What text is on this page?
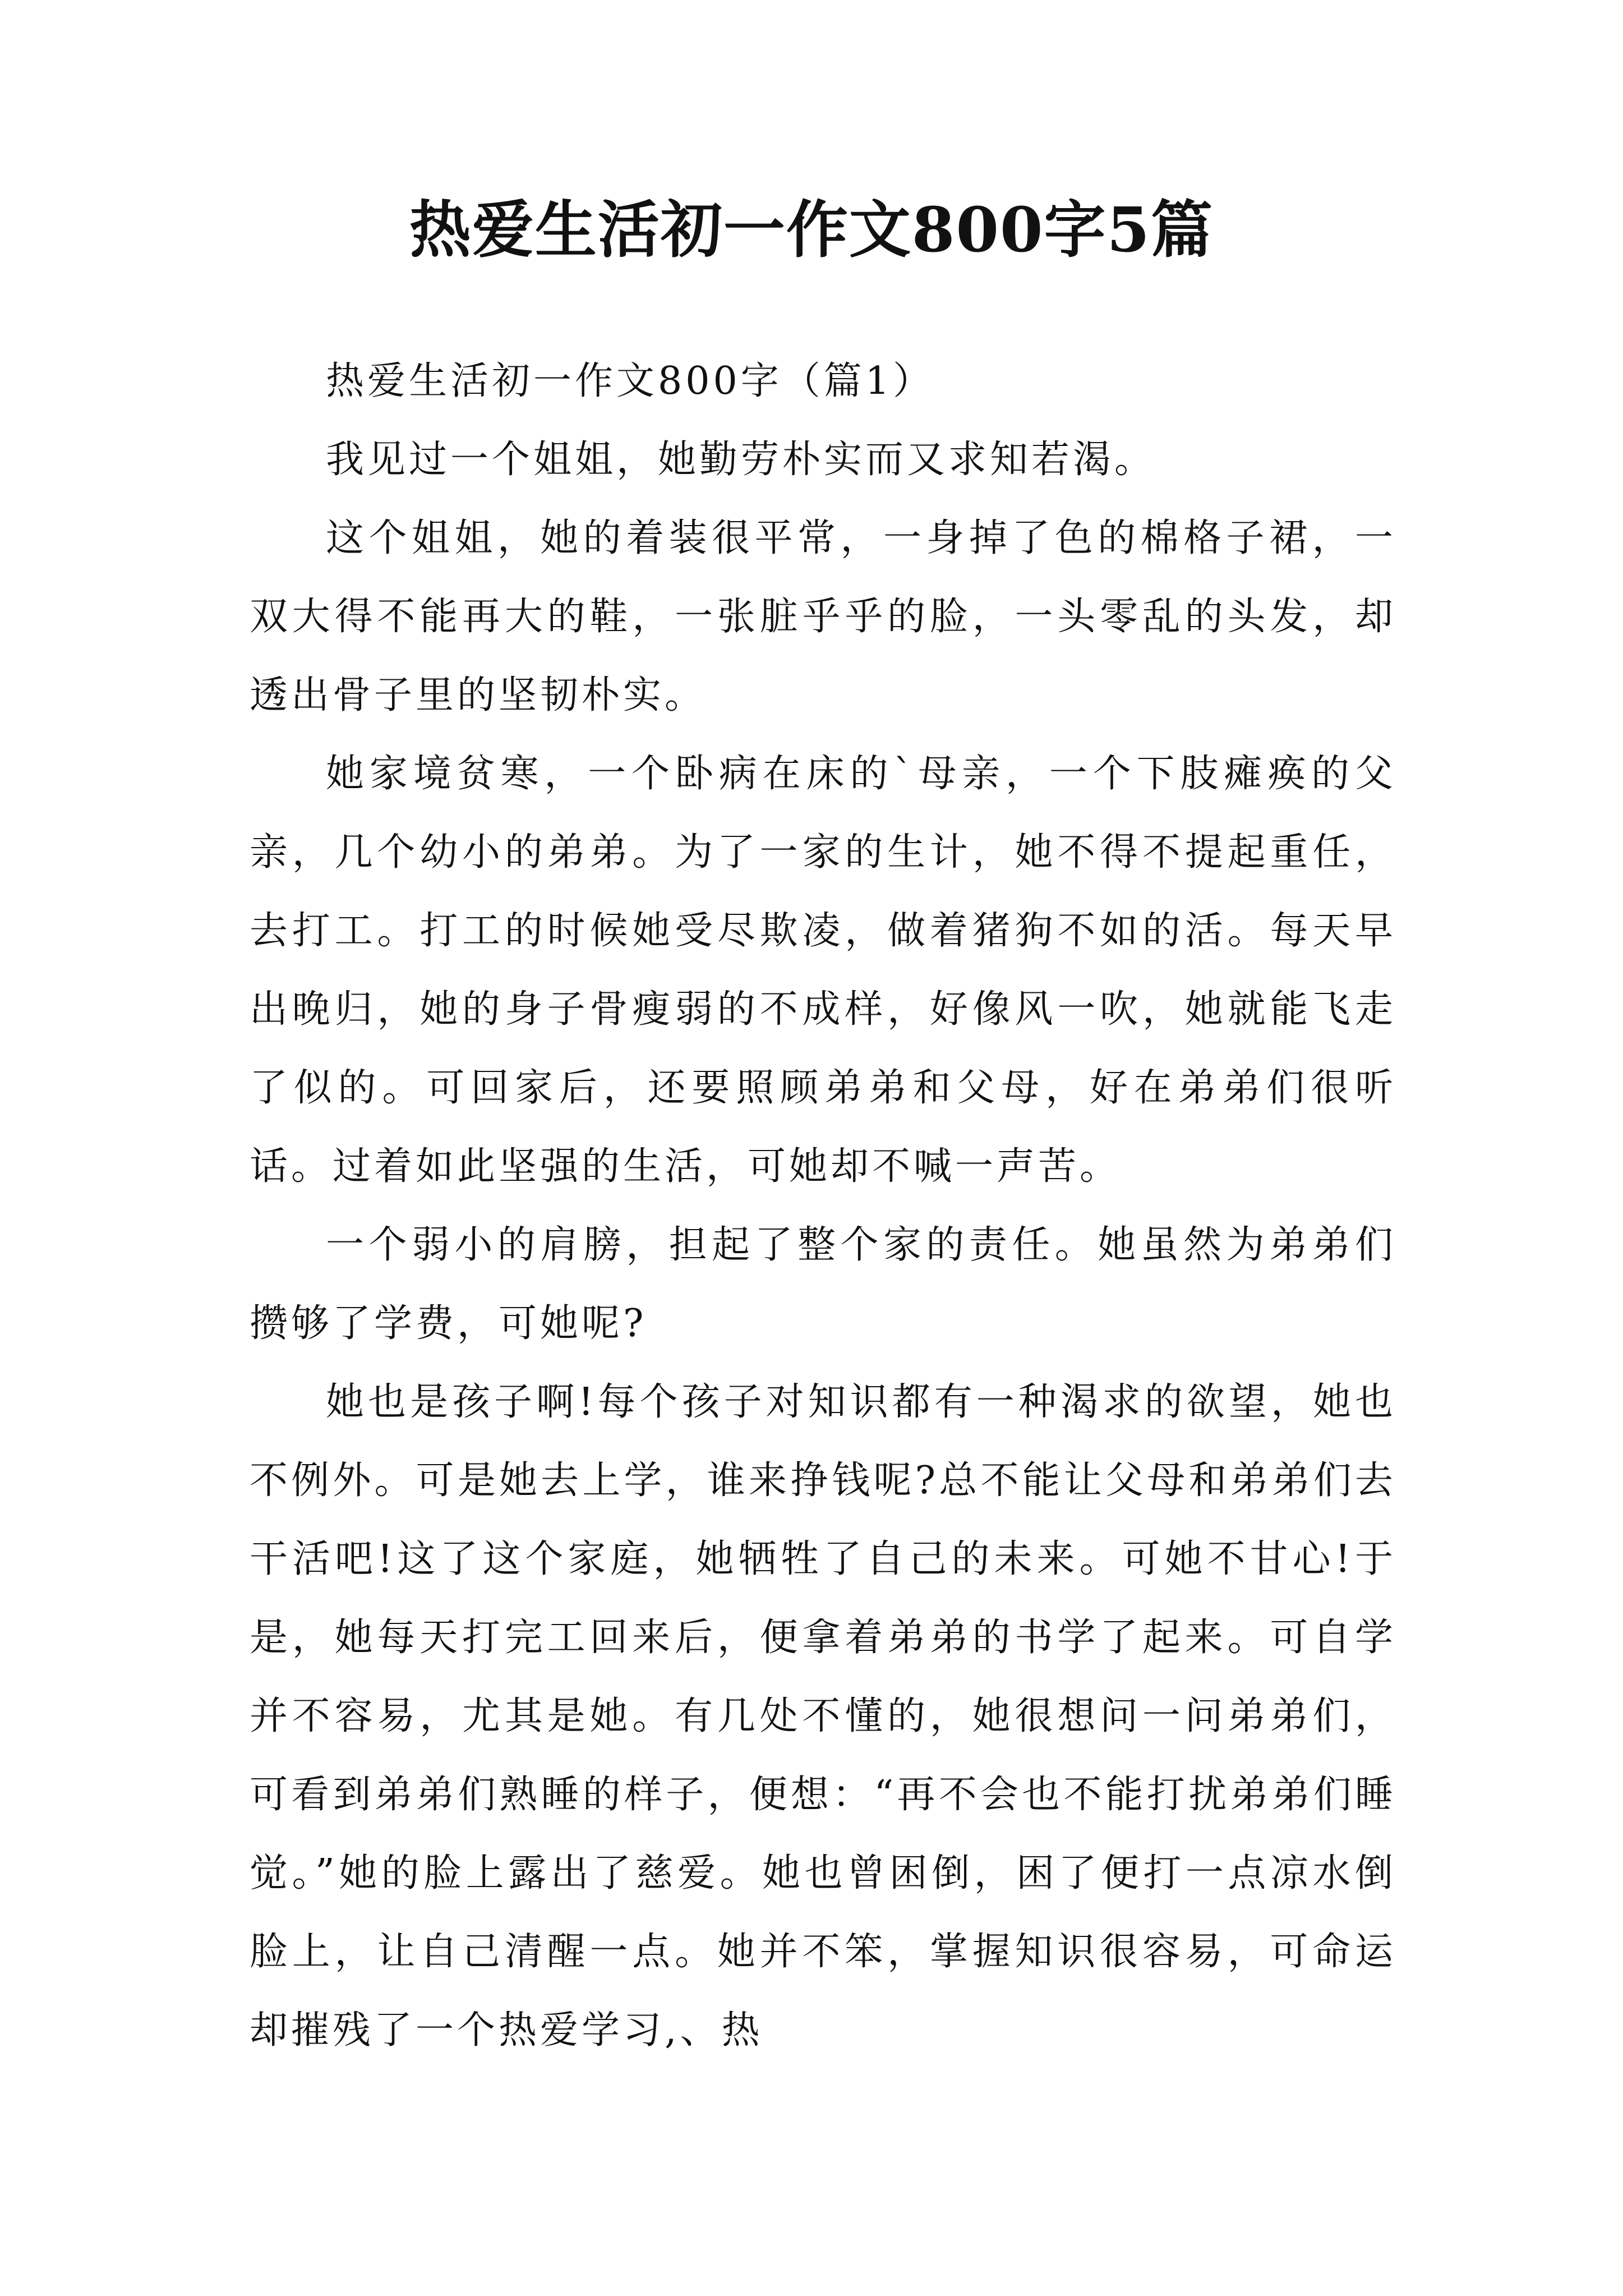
热爱生活初一作文800字5篇

热爱生活初一作文800字（篇1）

我见过一个姐姐，她勤劳朴实而又求知若渴。

这个姐姐，她的着装很平常，一身掉了色的棉格子裙，一双大得不能再大的鞋，一张脏乎乎的脸，一头零乱的头发，却透出骨子里的坚韧朴实。

她家境贫寒，一个卧病在床的`母亲，一个下肢瘫痪的父亲，几个幼小的弟弟。为了一家的生计，她不得不提起重任，去打工。打工的时候她受尽欺凌，做着猪狗不如的活。每天早出晚归，她的身子骨瘦弱的不成样，好像风一吹，她就能飞走了似的。可回家后，还要照顾弟弟和父母，好在弟弟们很听话。过着如此坚强的生活，可她却不喊一声苦。

一个弱小的肩膀，担起了整个家的责任。她虽然为弟弟们攒够了学费，可她呢?

她也是孩子啊!每个孩子对知识都有一种渴求的欲望，她也不例外。可是她去上学，谁来挣钱呢?总不能让父母和弟弟们去干活吧!这了这个家庭，她牺牲了自己的未来。可她不甘心!于是，她每天打完工回来后，便拿着弟弟的书学了起来。可自学并不容易，尤其是她。有几处不懂的，她很想问一问弟弟们，可看到弟弟们熟睡的样子，便想：“再不会也不能打扰弟弟们睡觉。”她的脸上露出了慈爱。她也曾困倒，困了便打一点凉水倒脸上，让自己清醒一点。她并不笨，掌握知识很容易，可命运却摧残了一个热爱学习,、热
